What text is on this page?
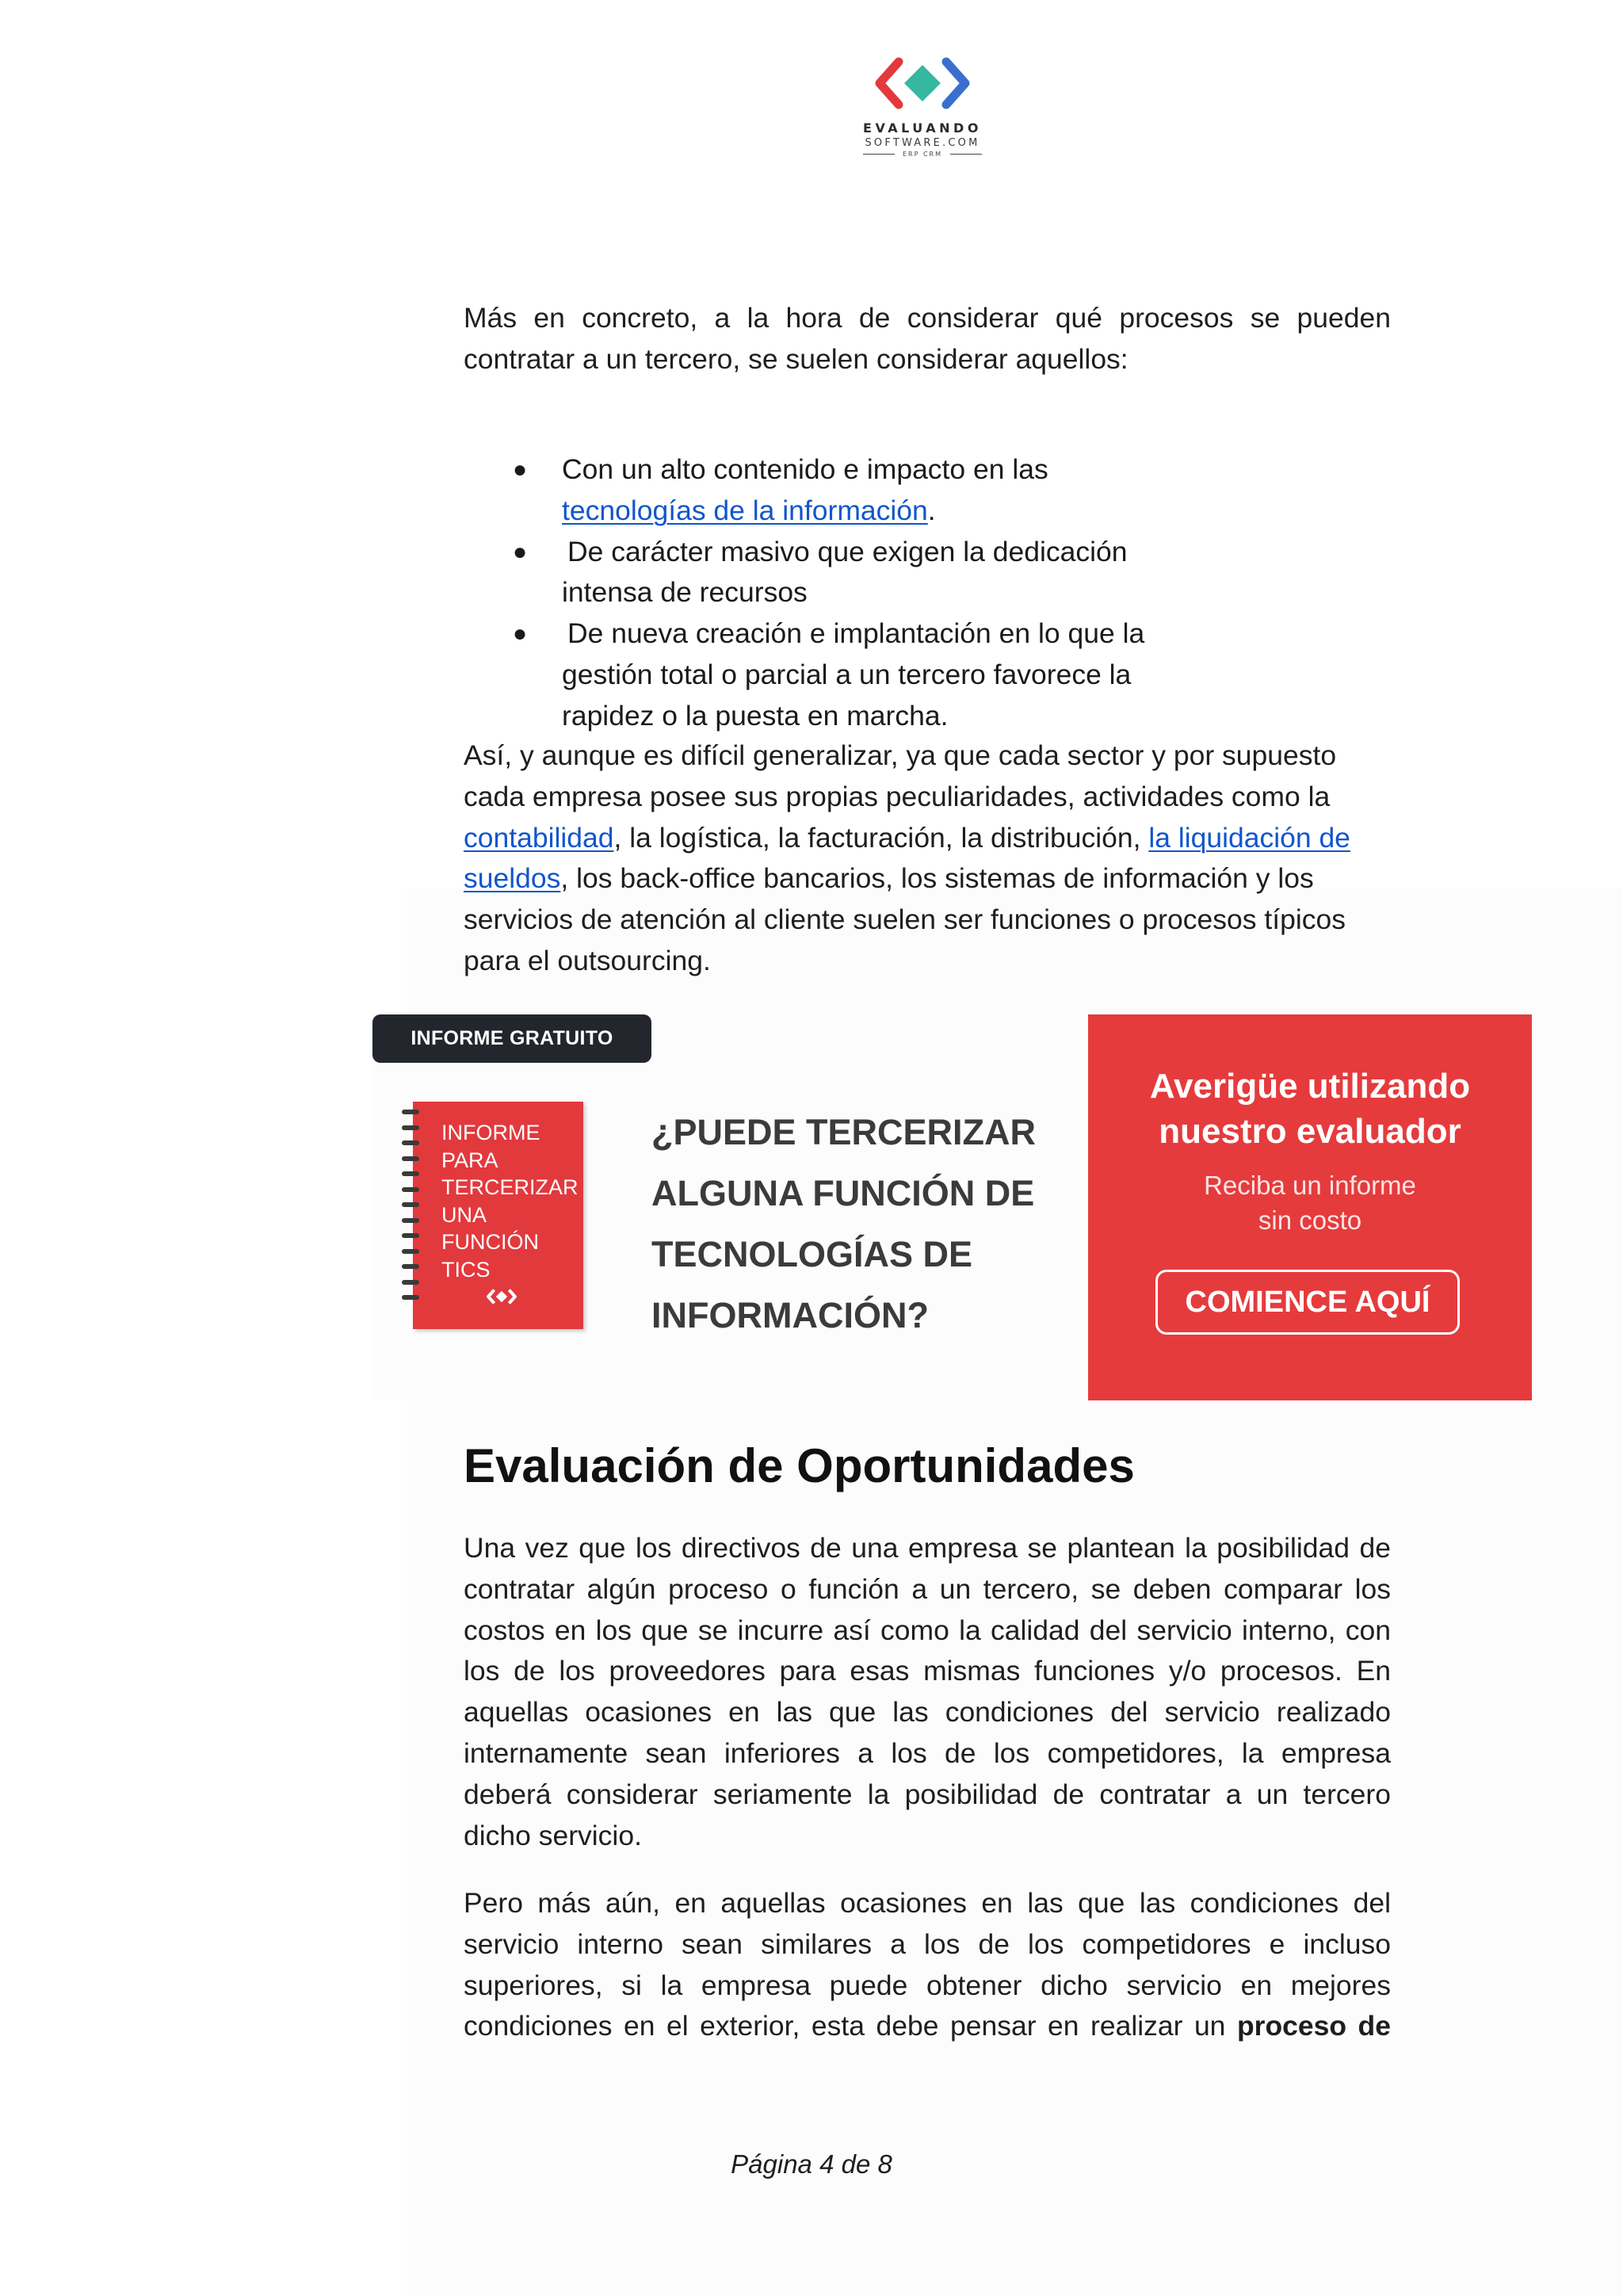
EVALUANDO
SOFTWARE.COM
ERP CRM

Más en concreto, a la hora de considerar qué procesos se pueden contratar a un tercero, se suelen considerar aquellos:

● Con un alto contenido e impacto en las tecnologías de la información.
● De carácter masivo que exigen la dedicación intensa de recursos
● De nueva creación e implantación en lo que la gestión total o parcial a un tercero favorece la rapidez o la puesta en marcha.

Así, y aunque es difícil generalizar, ya que cada sector y por supuesto cada empresa posee sus propias peculiaridades, actividades como la contabilidad, la logística, la facturación, la distribución, la liquidación de sueldos, los back-office bancarios, los sistemas de información y los servicios de atención al cliente suelen ser funciones o procesos típicos para el outsourcing.

INFORME GRATUITO
INFORME
PARA
TERCERIZAR
UNA
FUNCIÓN
TICS
¿PUEDE TERCERIZAR
ALGUNA FUNCIÓN DE
TECNOLOGÍAS DE
INFORMACIÓN?
Averigüe utilizando
nuestro evaluador
Reciba un informe
sin costo
COMIENCE AQUÍ
Evaluación de Oportunidades

Una vez que los directivos de una empresa se plantean la posibilidad de contratar algún proceso o función a un tercero, se deben comparar los costos en los que se incurre así como la calidad del servicio interno, con los de los proveedores para esas mismas funciones y/o procesos. En aquellas ocasiones en las que las condiciones del servicio realizado internamente sean inferiores a los de los competidores, la empresa deberá considerar seriamente la posibilidad de contratar a un tercero dicho servicio.

Pero más aún, en aquellas ocasiones en las que las condiciones del servicio interno sean similares a los de los competidores e incluso superiores, si la empresa puede obtener dicho servicio en mejores condiciones en el exterior, esta debe pensar en realizar un proceso de

Página 4 de 8
